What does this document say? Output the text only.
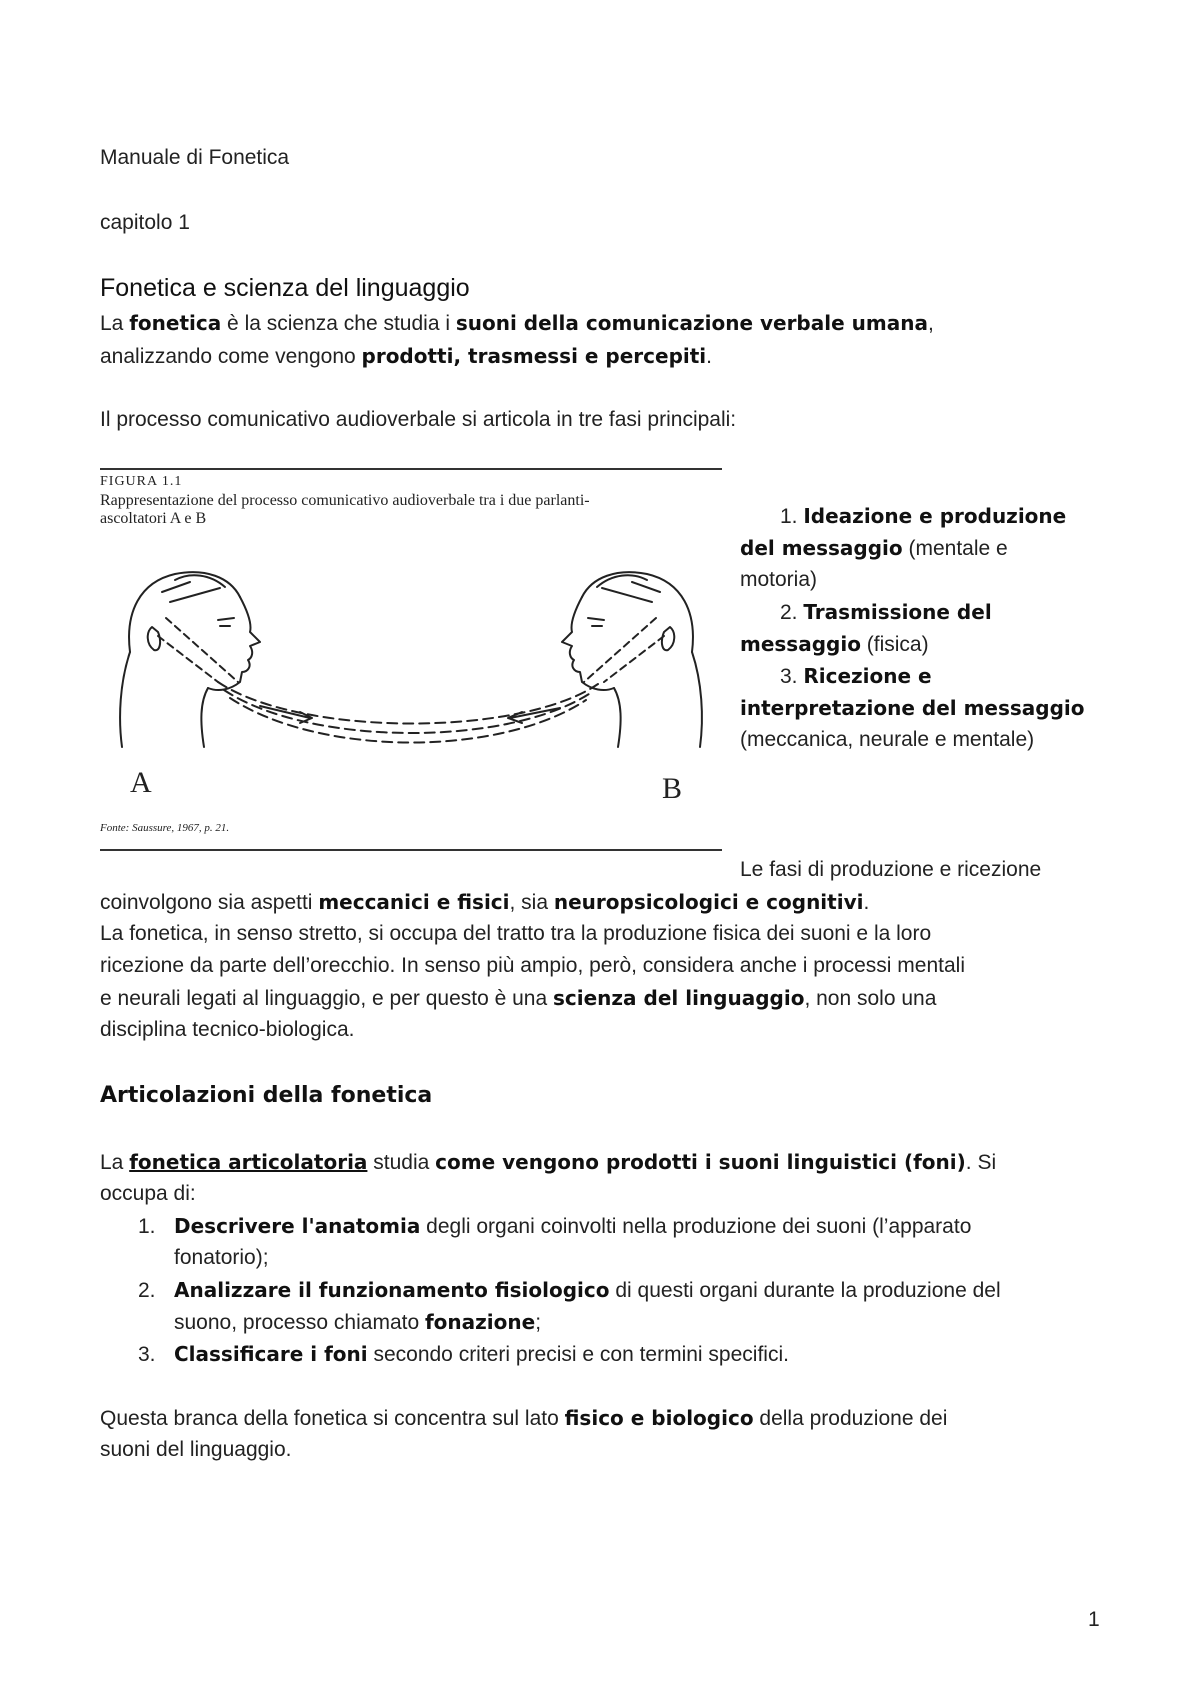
Manuale di Fonetica
capitolo 1
Fonetica e scienza del linguaggio
La fonetica è la scienza che studia i suoni della comunicazione verbale umana,
analizzando come vengono prodotti, trasmessi e percepiti.
Il processo comunicativo audioverbale si articola in tre fasi principali:
FIGURA 1.1
Rappresentazione del processo comunicativo audioverbale tra i due parlanti-
ascoltatori A e B
A	B
Fonte: Saussure, 1967, p. 21.
1. Ideazione e produzione
del messaggio (mentale e
motoria)
2. Trasmissione del
messaggio (fisica)
3. Ricezione e
interpretazione del messaggio
(meccanica, neurale e mentale)
Le fasi di produzione e ricezione
coinvolgono sia aspetti meccanici e fisici, sia neuropsicologici e cognitivi.
La fonetica, in senso stretto, si occupa del tratto tra la produzione fisica dei suoni e la loro
ricezione da parte dell’orecchio. In senso più ampio, però, considera anche i processi mentali
e neurali legati al linguaggio, e per questo è una scienza del linguaggio, non solo una
disciplina tecnico-biologica.
Articolazioni della fonetica
La fonetica articolatoria studia come vengono prodotti i suoni linguistici (foni). Si
occupa di:
1. Descrivere l'anatomia degli organi coinvolti nella produzione dei suoni (l’apparato
fonatorio);
2. Analizzare il funzionamento fisiologico di questi organi durante la produzione del
suono, processo chiamato fonazione;
3. Classificare i foni secondo criteri precisi e con termini specifici.
Questa branca della fonetica si concentra sul lato fisico e biologico della produzione dei
suoni del linguaggio.
1
